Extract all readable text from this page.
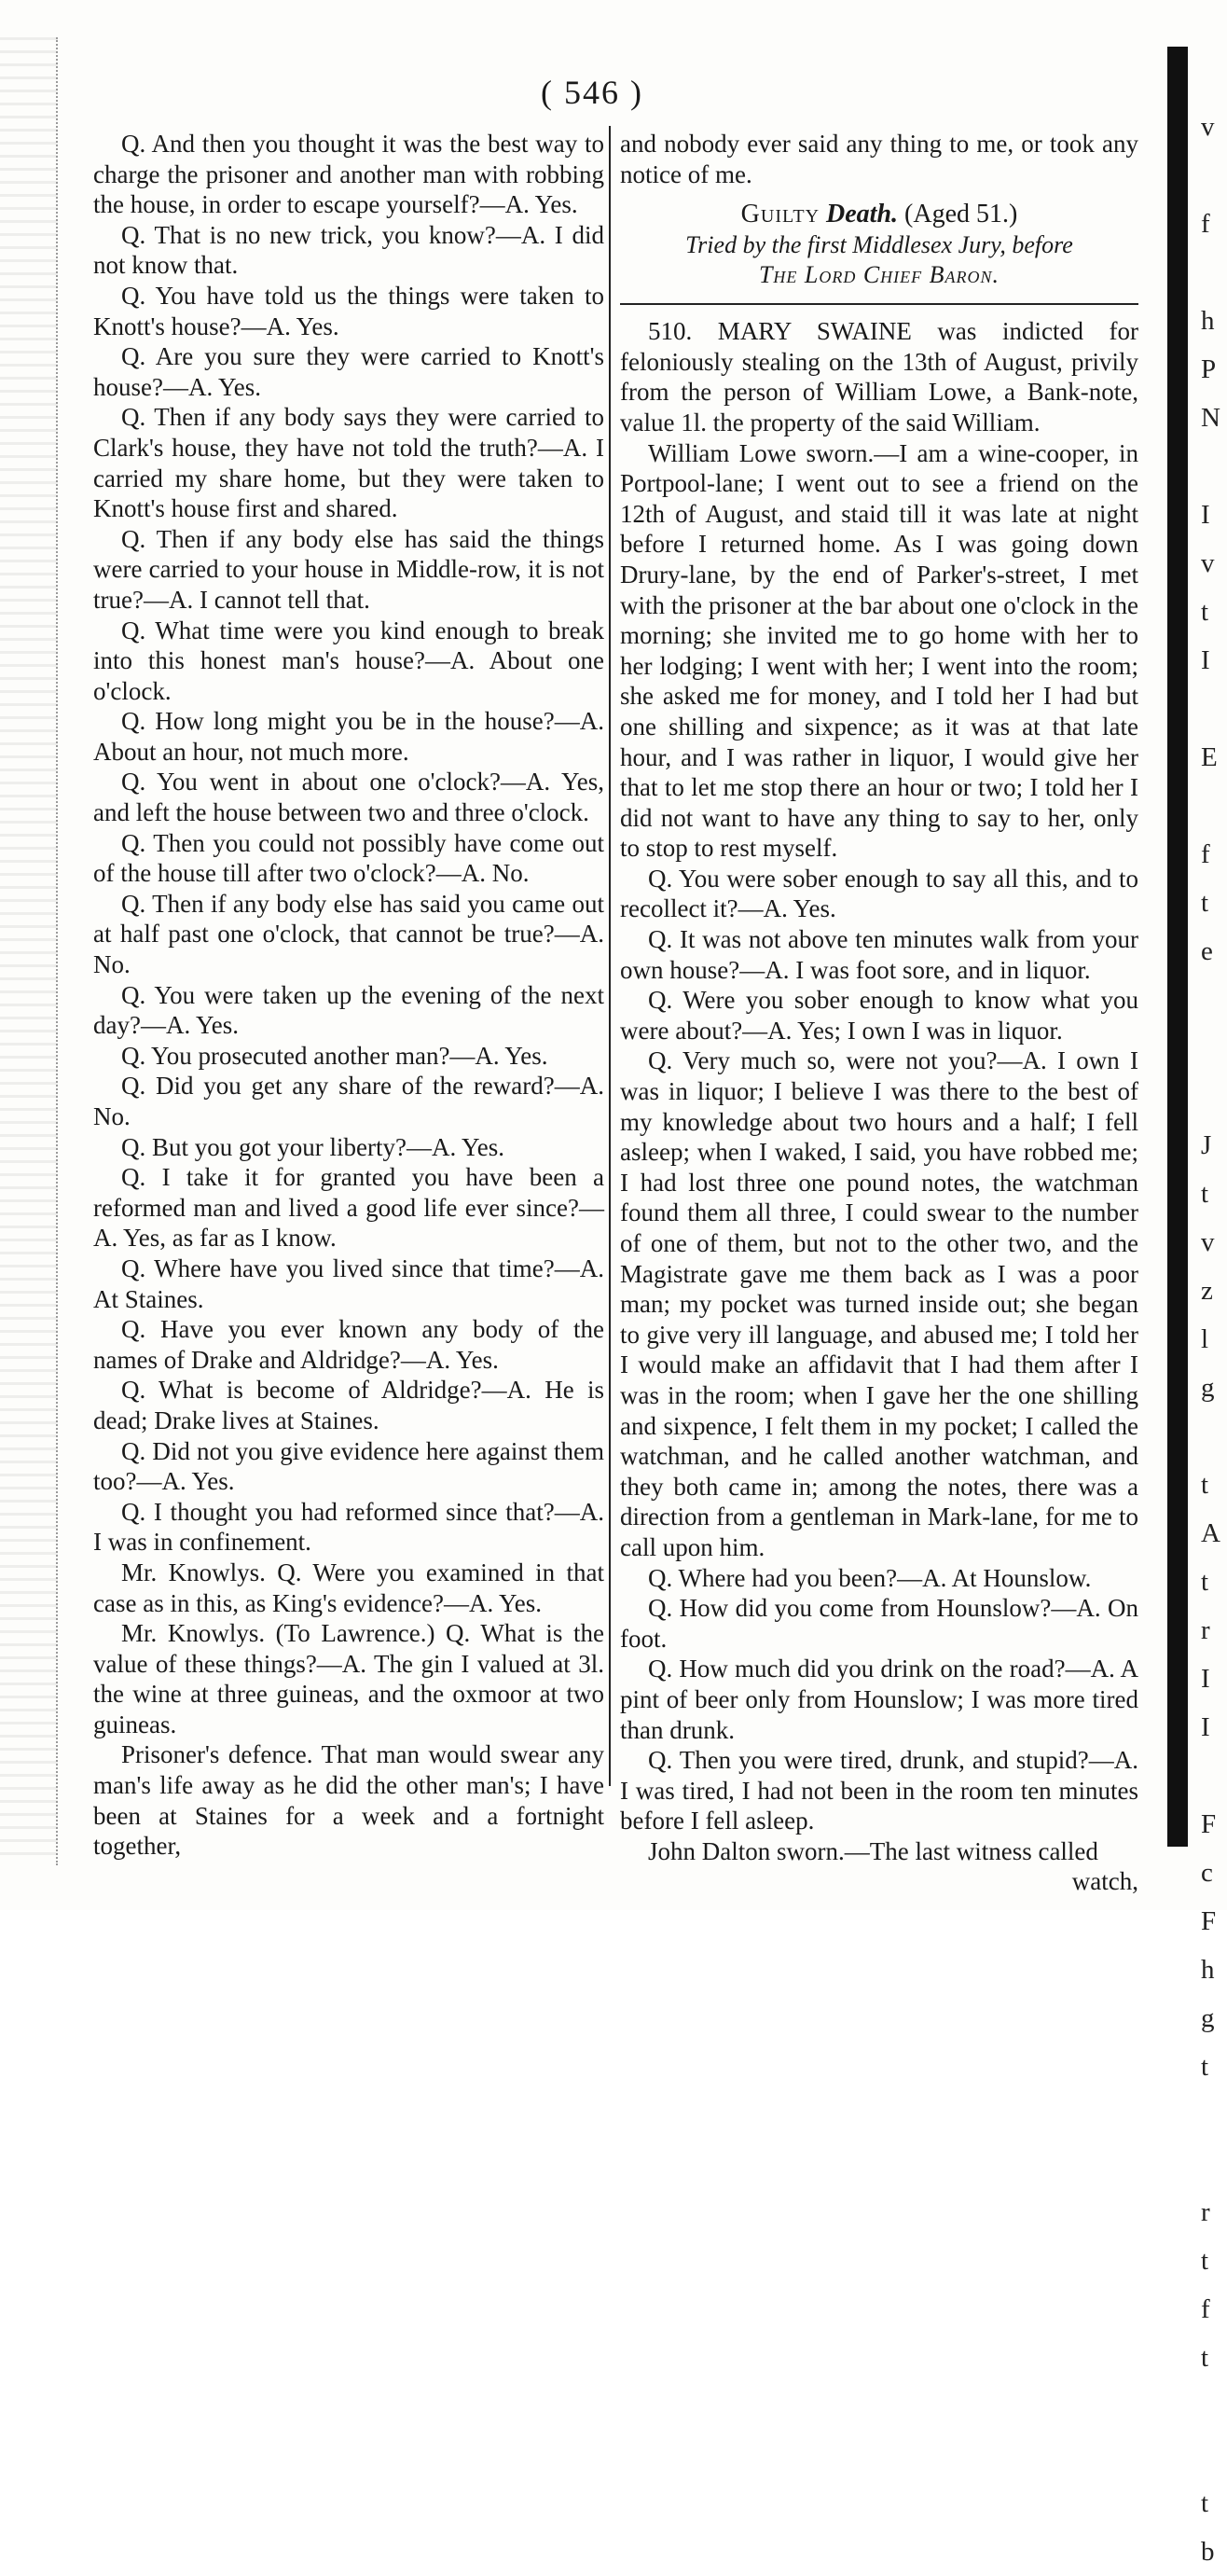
( 546 )

Q. And then you thought it was the best way to charge the prisoner and another man with robbing the house, in order to escape yourself?—A. Yes.

Q. That is no new trick, you know?—A. I did not know that.

Q. You have told us the things were taken to Knott's house?—A. Yes.

Q. Are you sure they were carried to Knott's house?—A. Yes.

Q. Then if any body says they were carried to Clark's house, they have not told the truth?—A. I carried my share home, but they were taken to Knott's house first and shared.

Q. Then if any body else has said the things were carried to your house in Middle-row, it is not true?—A. I cannot tell that.

Q. What time were you kind enough to break into this honest man's house?—A. About one o'clock.

Q. How long might you be in the house?—A. About an hour, not much more.

Q. You went in about one o'clock?—A. Yes, and left the house between two and three o'clock.

Q. Then you could not possibly have come out of the house till after two o'clock?—A. No.

Q. Then if any body else has said you came out at half past one o'clock, that cannot be true?—A. No.

Q. You were taken up the evening of the next day?—A. Yes.

Q. You prosecuted another man?—A. Yes.

Q. Did you get any share of the reward?—A. No.

Q. But you got your liberty?—A. Yes.

Q. I take it for granted you have been a reformed man and lived a good life ever since?—A. Yes, as far as I know.

Q. Where have you lived since that time?—A. At Staines.

Q. Have you ever known any body of the names of Drake and Aldridge?—A. Yes.

Q. What is become of Aldridge?—A. He is dead; Drake lives at Staines.

Q. Did not you give evidence here against them too?—A. Yes.

Q. I thought you had reformed since that?—A. I was in confinement.

Mr. Knowlys. Q. Were you examined in that case as in this, as King's evidence?—A. Yes.

Mr. Knowlys. (To Lawrence.) Q. What is the value of these things?—A. The gin I valued at 3l. the wine at three guineas, and the oxmoor at two guineas.

Prisoner's defence. That man would swear any man's life away as he did the other man's; I have been at Staines for a week and a fortnight together,

and nobody ever said any thing to me, or took any notice of me.

Guilty Death. (Aged 51.)
Tried by the first Middlesex Jury, before
The Lord Chief Baron.

510. MARY SWAINE was indicted for feloniously stealing on the 13th of August, privily from the person of William Lowe, a Bank-note, value 1l. the property of the said William.

William Lowe sworn.—I am a wine-cooper, in Portpool-lane; I went out to see a friend on the 12th of August, and staid till it was late at night before I returned home. As I was going down Drury-lane, by the end of Parker's-street, I met with the prisoner at the bar about one o'clock in the morning; she invited me to go home with her to her lodging; I went with her; I went into the room; she asked me for money, and I told her I had but one shilling and sixpence; as it was at that late hour, and I was rather in liquor, I would give her that to let me stop there an hour or two; I told her I did not want to have any thing to say to her, only to stop to rest myself.

Q. You were sober enough to say all this, and to recollect it?—A. Yes.

Q. It was not above ten minutes walk from your own house?—A. I was foot sore, and in liquor.

Q. Were you sober enough to know what you were about?—A. Yes; I own I was in liquor.

Q. Very much so, were not you?—A. I own I was in liquor; I believe I was there to the best of my knowledge about two hours and a half; I fell asleep; when I waked, I said, you have robbed me; I had lost three one pound notes, the watchman found them all three, I could swear to the number of one of them, but not to the other two, and the Magistrate gave me them back as I was a poor man; my pocket was turned inside out; she began to give very ill language, and abused me; I told her I would make an affidavit that I had them after I was in the room; when I gave her the one shilling and sixpence, I felt them in my pocket; I called the watchman, and he called another watchman, and they both came in; among the notes, there was a direction from a gentleman in Mark-lane, for me to call upon him.

Q. Where had you been?—A. At Hounslow.

Q. How did you come from Hounslow?—A. On foot.

Q. How much did you drink on the road?—A. A pint of beer only from Hounslow; I was more tired than drunk.

Q. Then you were tired, drunk, and stupid?—A. I was tired, I had not been in the room ten minutes before I fell asleep.

John Dalton sworn.—The last witness called

watch,

v
f
h
P
N
I
v
t
I
E
f
t
e
J
t
v
z
l
g
t
A
t
r
I
I
F
c
F
h
g
t
r
t
f
t
t
b
